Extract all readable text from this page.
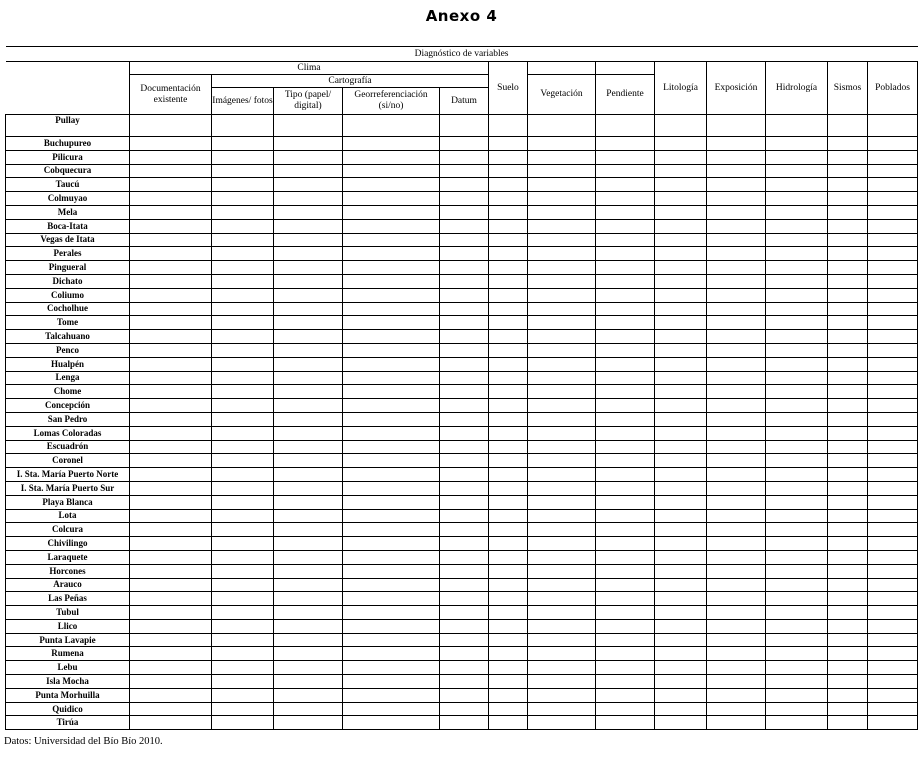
Anexo 4
Diagnóstico de variables													
	Clima					Suelo			Litología	Exposición	Hidrología	Sismos	Poblados
	Documentación existente	Cartografía					Vegetación	Pendiente					
		Imágenes/ fotos	Tipo (papel/ digital)	Georreferenciación (si/no)	Datum								
Pullay													
Buchupureo													
Pilicura													
Cobquecura													
Taucú													
Colmuyao													
Mela													
Boca-Itata													
Vegas de Itata													
Perales													
Pingueral													
Dichato													
Coliumo													
Cocholhue													
Tome													
Talcahuano													
Penco													
Hualpén													
Lenga													
Chome													
Concepción													
San Pedro													
Lomas Coloradas													
Escuadrón													
Coronel													
I. Sta. María Puerto Norte													
I. Sta. María Puerto Sur													
Playa Blanca													
Lota													
Colcura													
Chivilingo													
Laraquete													
Horcones													
Arauco													
Las Peñas													
Tubul													
Llico													
Punta Lavapie													
Rumena													
Lebu													
Isla Mocha													
Punta Morhuilla													
Quidico													
Tirúa													
Datos: Universidad del Bío Bío 2010.
